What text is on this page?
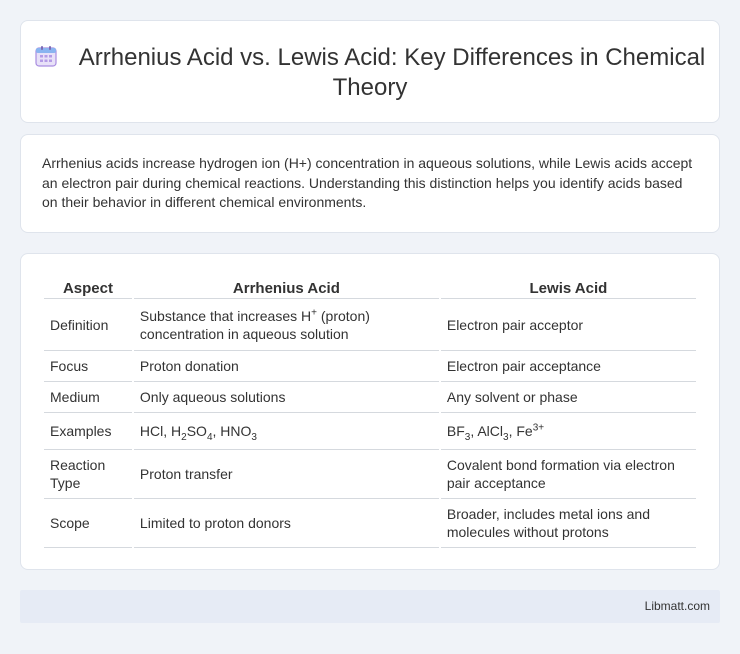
Arrhenius Acid vs. Lewis Acid: Key Differences in Chemical Theory

Arrhenius acids increase hydrogen ion (H+) concentration in aqueous solutions, while Lewis acids accept an electron pair during chemical reactions. Understanding this distinction helps you identify acids based on their behavior in different chemical environments.

Aspect	Arrhenius Acid	Lewis Acid
Definition	Substance that increases H+ (proton) concentration in aqueous solution	Electron pair acceptor
Focus	Proton donation	Electron pair acceptance
Medium	Only aqueous solutions	Any solvent or phase
Examples	HCl, $H_2SO_4$, $HNO_3$	$BF_3$, AlCl$_3$, $Fe^{3+}$
Reaction Type	Proton transfer	Covalent bond formation via electron pair acceptance
Scope	Limited to proton donors	Broader, includes metal ions and molecules without protons
Libmatt.com
